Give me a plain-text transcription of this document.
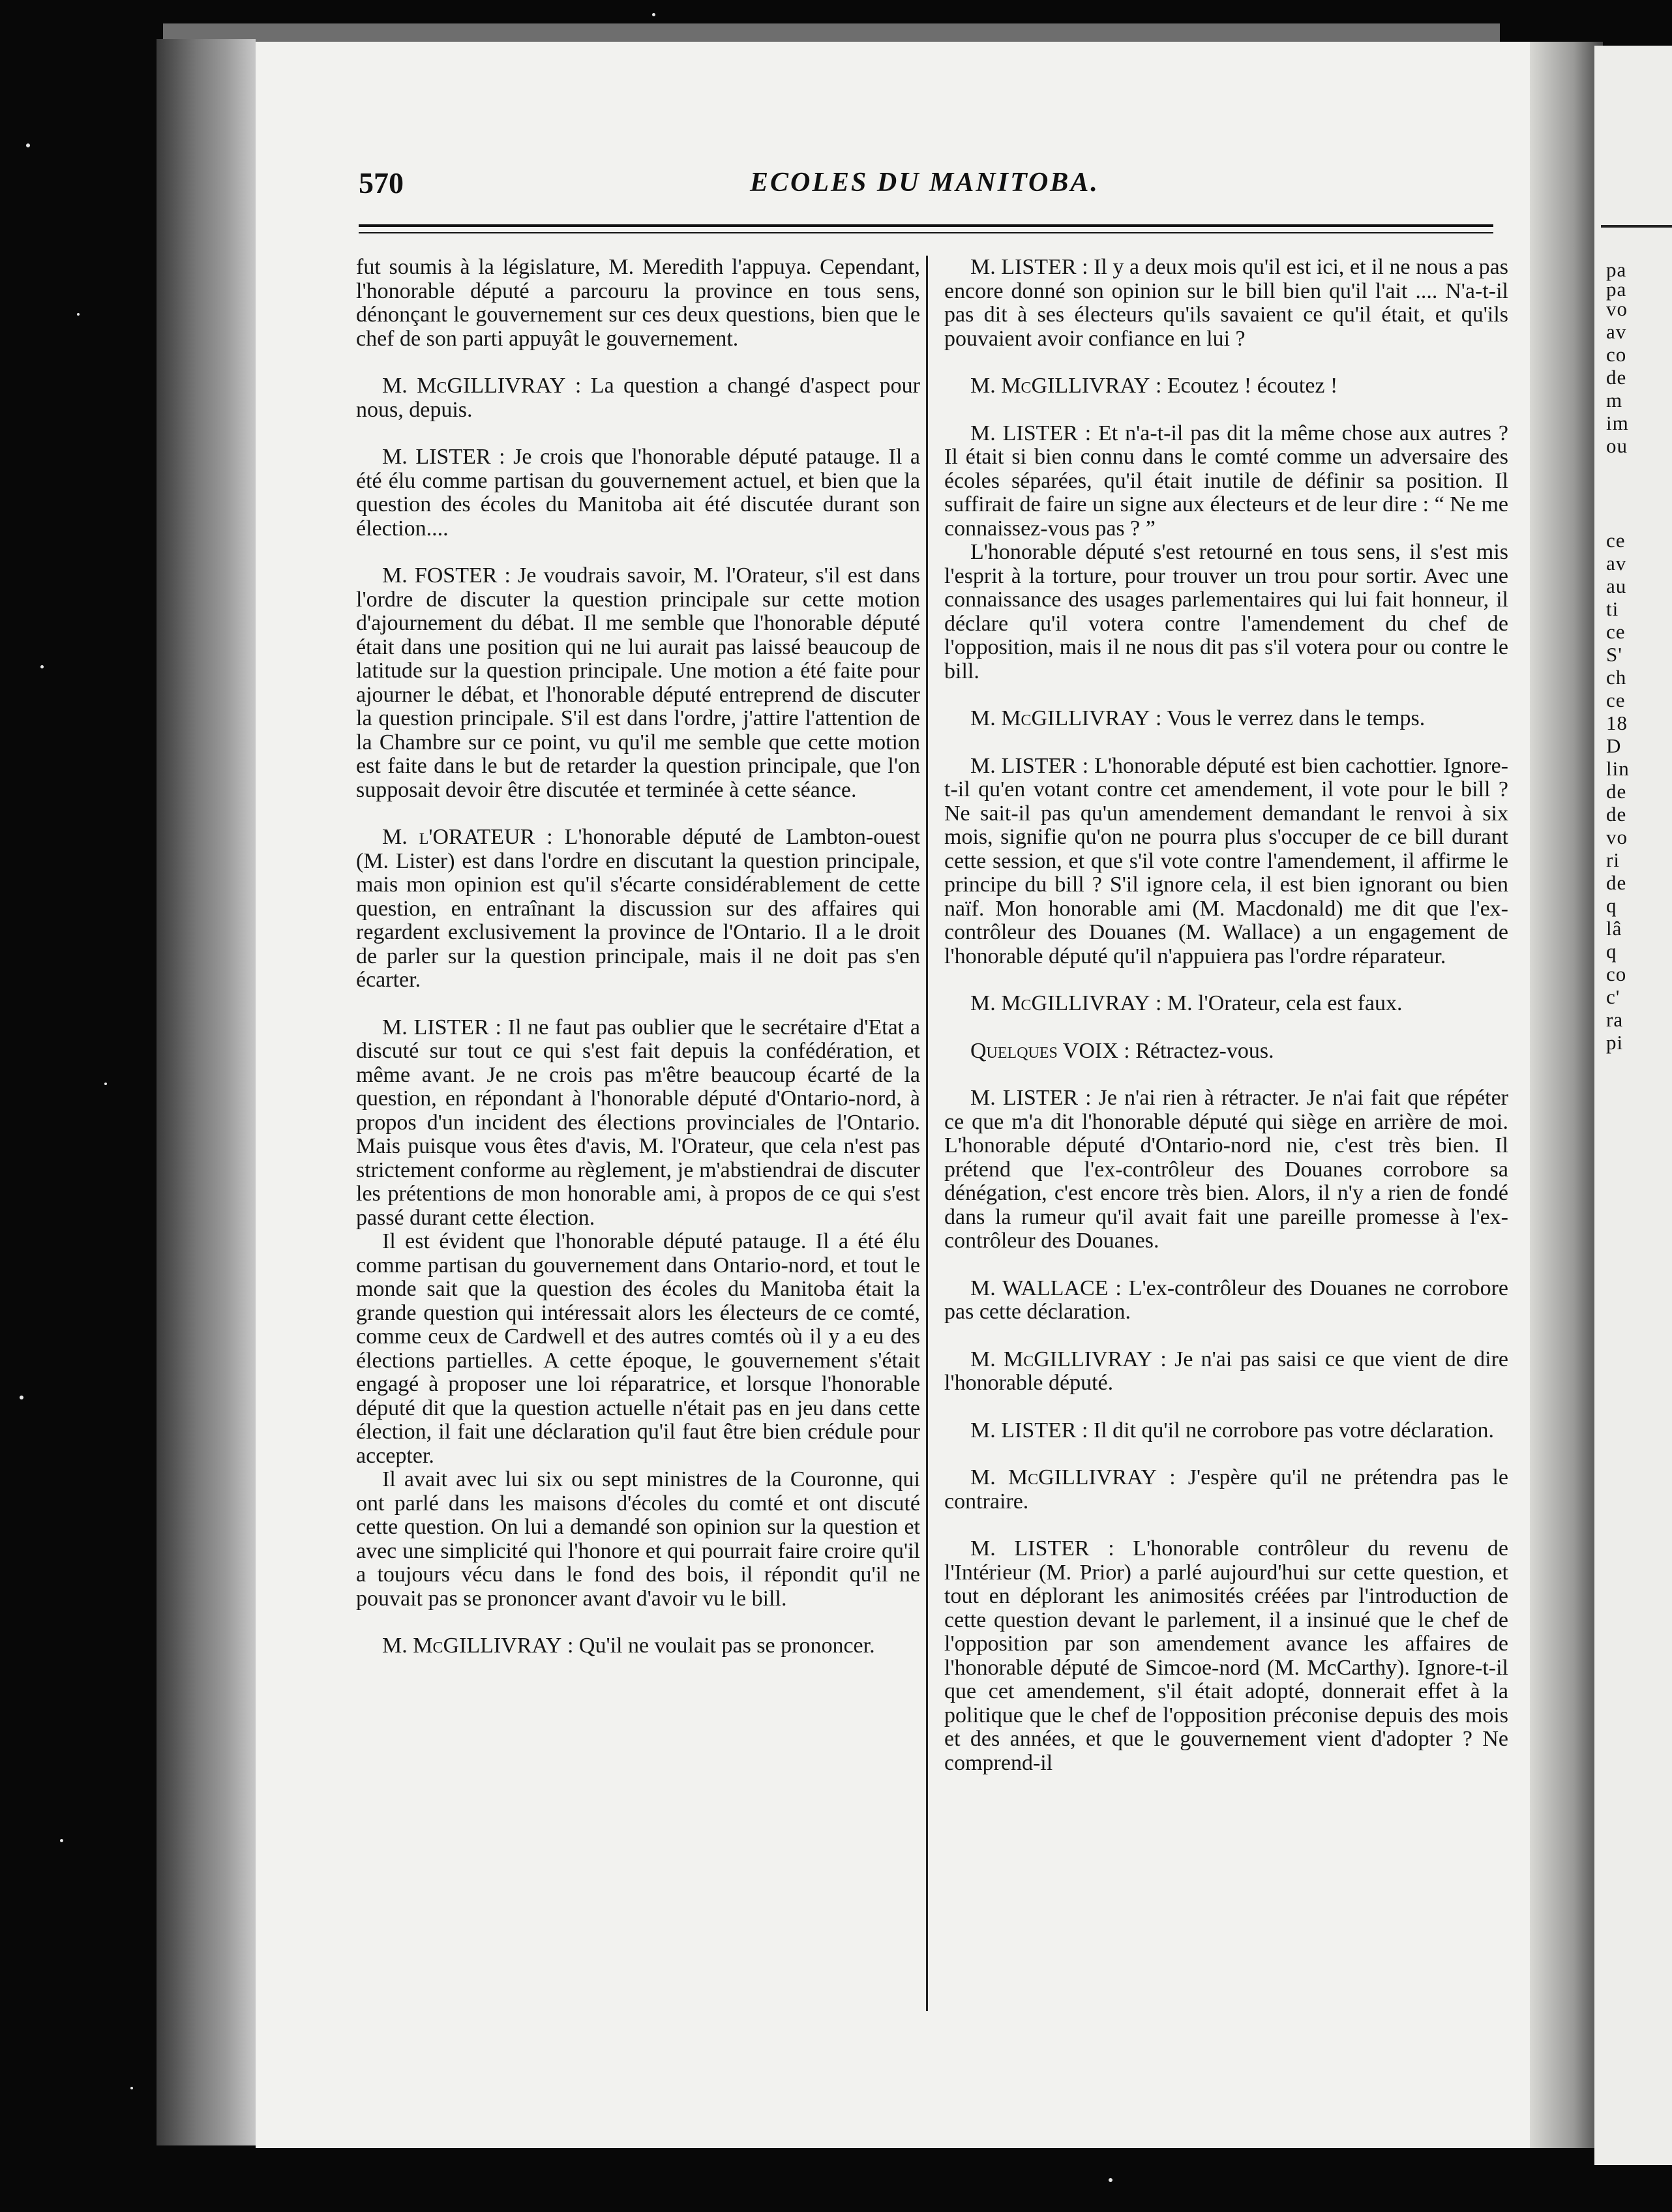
pa
pa
vo
av
co
de
m
im
ou
ce
av
au
ti
ce
S'
ch
ce
18
D
lin
de
de
vo
ri
de
q
lâ
q
co
c'
ra
pi
570	ECOLES DU MANITOBA.

fut soumis à la législature, M. Meredith l'appuya. Cependant, l'honorable député a parcouru la province en tous sens, dénonçant le gouvernement sur ces deux questions, bien que le chef de son parti appuyât le gouvernement.

M. McGILLIVRAY : La question a changé d'aspect pour nous, depuis.

M. LISTER : Je crois que l'honorable député patauge. Il a été élu comme partisan du gouvernement actuel, et bien que la question des écoles du Manitoba ait été discutée durant son élection....

M. FOSTER : Je voudrais savoir, M. l'Orateur, s'il est dans l'ordre de discuter la question principale sur cette motion d'ajournement du débat. Il me semble que l'honorable député était dans une position qui ne lui aurait pas laissé beaucoup de latitude sur la question principale. Une motion a été faite pour ajourner le débat, et l'honorable député entreprend de discuter la question principale. S'il est dans l'ordre, j'attire l'attention de la Chambre sur ce point, vu qu'il me semble que cette motion est faite dans le but de retarder la question principale, que l'on supposait devoir être discutée et terminée à cette séance.

M. l'ORATEUR : L'honorable député de Lambton-ouest (M. Lister) est dans l'ordre en discutant la question principale, mais mon opinion est qu'il s'écarte considérablement de cette question, en entraînant la discussion sur des affaires qui regardent exclusivement la province de l'Ontario. Il a le droit de parler sur la question principale, mais il ne doit pas s'en écarter.

M. LISTER : Il ne faut pas oublier que le secrétaire d'Etat a discuté sur tout ce qui s'est fait depuis la confédération, et même avant. Je ne crois pas m'être beaucoup écarté de la question, en répondant à l'honorable député d'Ontario-nord, à propos d'un incident des élections provinciales de l'Ontario. Mais puisque vous êtes d'avis, M. l'Orateur, que cela n'est pas strictement conforme au règlement, je m'abstiendrai de discuter les prétentions de mon honorable ami, à propos de ce qui s'est passé durant cette élection.

Il est évident que l'honorable député patauge. Il a été élu comme partisan du gouvernement dans Ontario-nord, et tout le monde sait que la question des écoles du Manitoba était la grande question qui intéressait alors les électeurs de ce comté, comme ceux de Cardwell et des autres comtés où il y a eu des élections partielles. A cette époque, le gouvernement s'était engagé à proposer une loi réparatrice, et lorsque l'honorable député dit que la question actuelle n'était pas en jeu dans cette élection, il fait une déclaration qu'il faut être bien crédule pour accepter.

Il avait avec lui six ou sept ministres de la Couronne, qui ont parlé dans les maisons d'écoles du comté et ont discuté cette question. On lui a demandé son opinion sur la question et avec une simplicité qui l'honore et qui pourrait faire croire qu'il a toujours vécu dans le fond des bois, il répondit qu'il ne pouvait pas se prononcer avant d'avoir vu le bill.

M. McGILLIVRAY : Qu'il ne voulait pas se prononcer.

M. LISTER : Il y a deux mois qu'il est ici, et il ne nous a pas encore donné son opinion sur le bill bien qu'il l'ait .... N'a-t-il pas dit à ses électeurs qu'ils savaient ce qu'il était, et qu'ils pouvaient avoir confiance en lui ?

M. McGILLIVRAY : Ecoutez ! écoutez !

M. LISTER : Et n'a-t-il pas dit la même chose aux autres ? Il était si bien connu dans le comté comme un adversaire des écoles séparées, qu'il était inutile de définir sa position. Il suffirait de faire un signe aux électeurs et de leur dire : “ Ne me connaissez-vous pas ? ”

L'honorable député s'est retourné en tous sens, il s'est mis l'esprit à la torture, pour trouver un trou pour sortir. Avec une connaissance des usages parlementaires qui lui fait honneur, il déclare qu'il votera contre l'amendement du chef de l'opposition, mais il ne nous dit pas s'il votera pour ou contre le bill.

M. McGILLIVRAY : Vous le verrez dans le temps.

M. LISTER : L'honorable député est bien cachottier. Ignore-t-il qu'en votant contre cet amendement, il vote pour le bill ? Ne sait-il pas qu'un amendement demandant le renvoi à six mois, signifie qu'on ne pourra plus s'occuper de ce bill durant cette session, et que s'il vote contre l'amendement, il affirme le principe du bill ? S'il ignore cela, il est bien ignorant ou bien naïf. Mon honorable ami (M. Macdonald) me dit que l'ex-contrôleur des Douanes (M. Wallace) a un engagement de l'honorable député qu'il n'appuiera pas l'ordre réparateur.

M. McGILLIVRAY : M. l'Orateur, cela est faux.

Quelques VOIX : Rétractez-vous.

M. LISTER : Je n'ai rien à rétracter. Je n'ai fait que répéter ce que m'a dit l'honorable député qui siège en arrière de moi. L'honorable député d'Ontario-nord nie, c'est très bien. Il prétend que l'ex-contrôleur des Douanes corrobore sa dénégation, c'est encore très bien. Alors, il n'y a rien de fondé dans la rumeur qu'il avait fait une pareille promesse à l'ex-contrôleur des Douanes.

M. WALLACE : L'ex-contrôleur des Douanes ne corrobore pas cette déclaration.

M. McGILLIVRAY : Je n'ai pas saisi ce que vient de dire l'honorable député.

M. LISTER : Il dit qu'il ne corrobore pas votre déclaration.

M. McGILLIVRAY : J'espère qu'il ne prétendra pas le contraire.

M. LISTER : L'honorable contrôleur du revenu de l'Intérieur (M. Prior) a parlé aujourd'hui sur cette question, et tout en déplorant les animosités créées par l'introduction de cette question devant le parlement, il a insinué que le chef de l'opposition par son amendement avance les affaires de l'honorable député de Simcoe-nord (M. McCarthy). Ignore-t-il que cet amendement, s'il était adopté, donnerait effet à la politique que le chef de l'opposition préconise depuis des mois et des années, et que le gouvernement vient d'adopter ? Ne comprend-il
